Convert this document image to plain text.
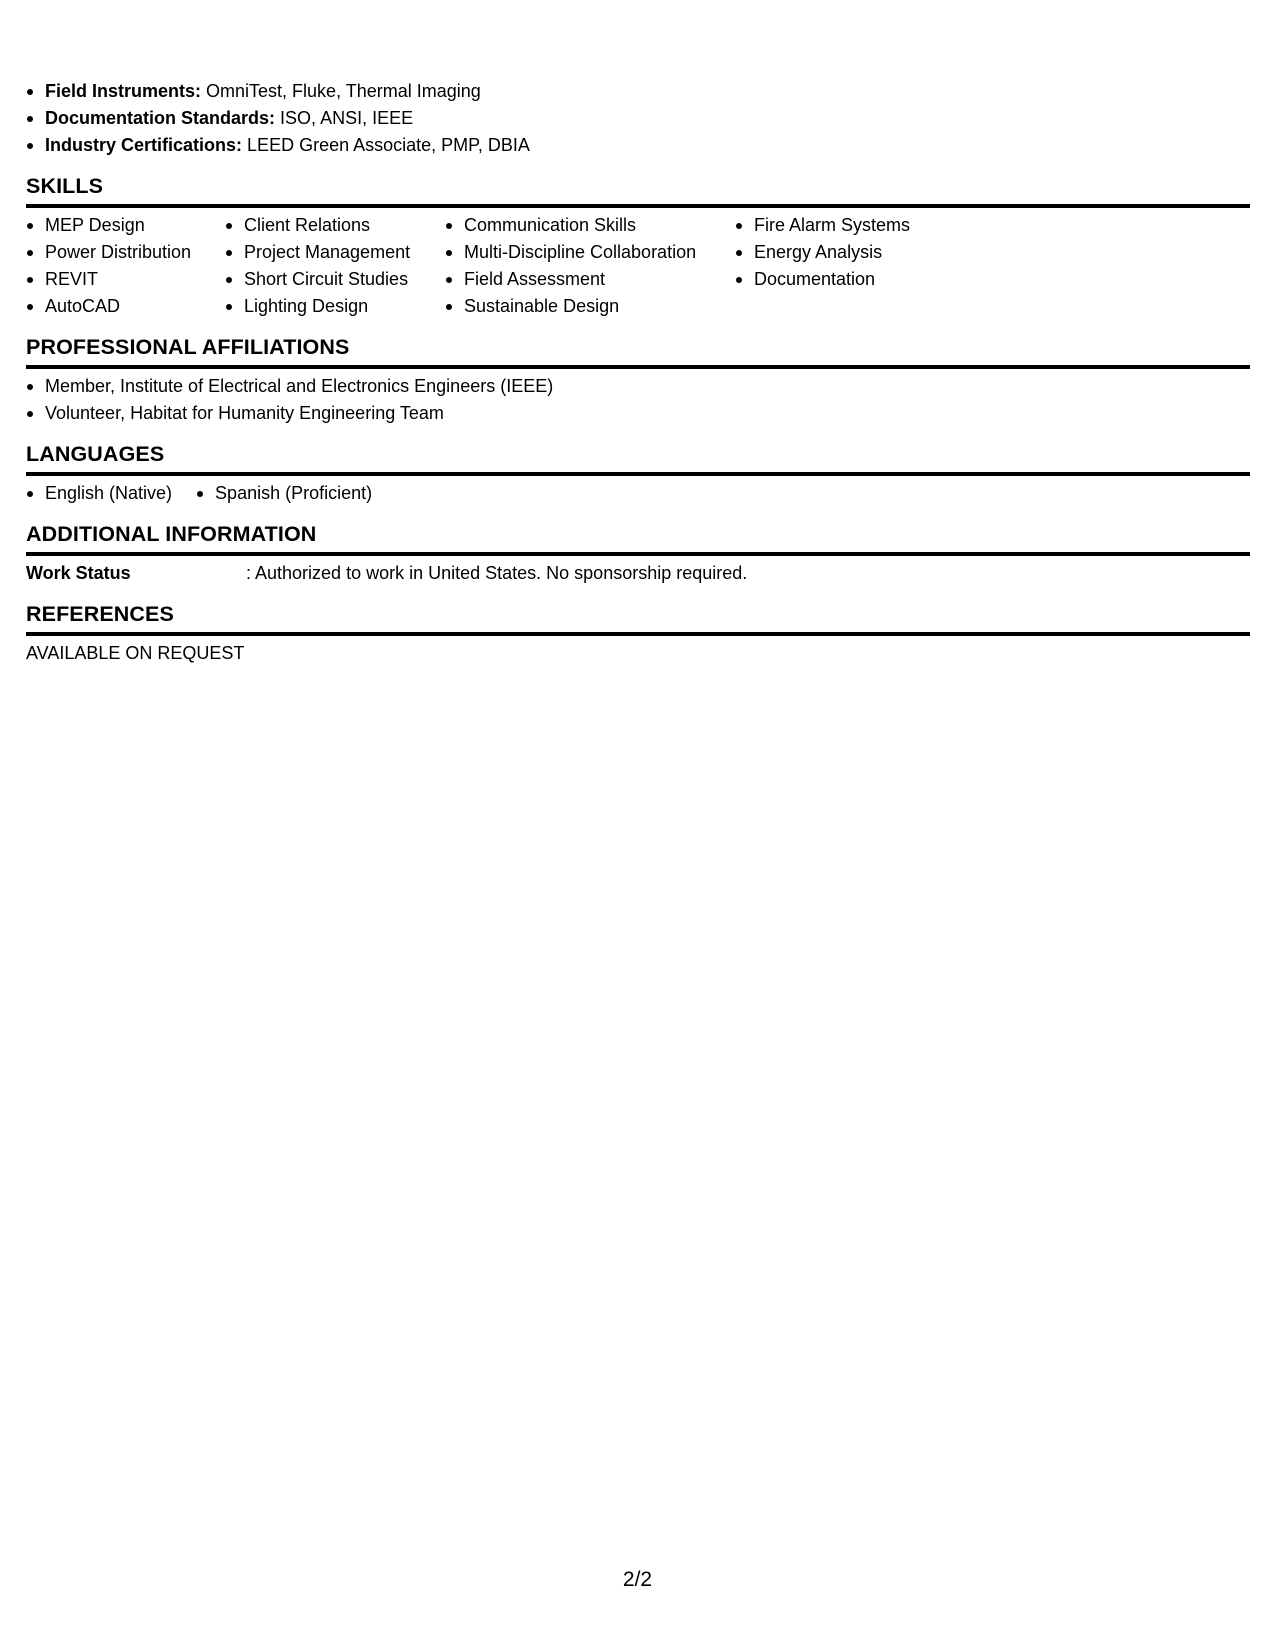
Field Instruments: OmniTest, Fluke, Thermal Imaging
Documentation Standards: ISO, ANSI, IEEE
Industry Certifications: LEED Green Associate, PMP, DBIA
SKILLS
MEP Design
Power Distribution
REVIT
AutoCAD
Client Relations
Project Management
Short Circuit Studies
Lighting Design
Communication Skills
Multi-Discipline Collaboration
Field Assessment
Sustainable Design
Fire Alarm Systems
Energy Analysis
Documentation
PROFESSIONAL AFFILIATIONS
Member, Institute of Electrical and Electronics Engineers (IEEE)
Volunteer, Habitat for Humanity Engineering Team
LANGUAGES
English (Native)	Spanish (Proficient)
ADDITIONAL INFORMATION
Work Status	: Authorized to work in United States. No sponsorship required.
REFERENCES
AVAILABLE ON REQUEST
2/2
